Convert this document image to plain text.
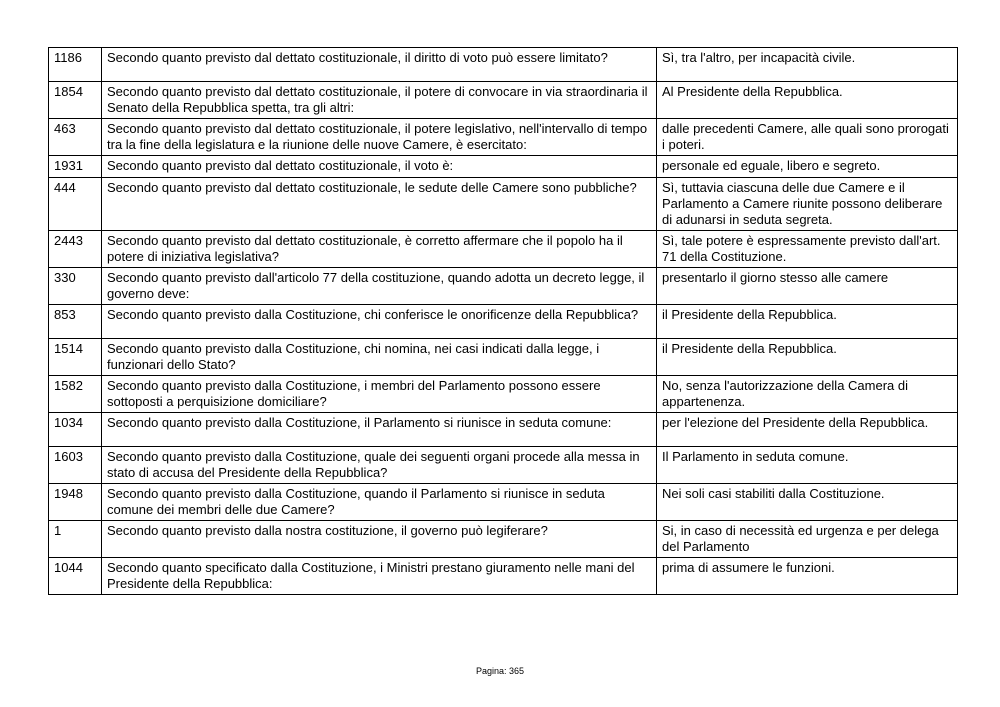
1186	Secondo quanto previsto dal dettato costituzionale, il diritto di voto può essere limitato?	Sì, tra l'altro, per incapacità civile.
1854	Secondo quanto previsto dal dettato costituzionale, il potere di convocare in via straordinaria il Senato della Repubblica spetta, tra gli altri:	Al Presidente della Repubblica.
463	Secondo quanto previsto dal dettato costituzionale, il potere legislativo, nell'intervallo di tempo tra la fine della legislatura e la riunione delle nuove Camere, è esercitato:	dalle precedenti Camere, alle quali sono prorogati i poteri.
1931	Secondo quanto previsto dal dettato costituzionale, il voto è:	personale ed eguale, libero e segreto.
444	Secondo quanto previsto dal dettato costituzionale, le sedute delle Camere sono pubbliche?	Sì, tuttavia ciascuna delle due Camere e il Parlamento a Camere riunite possono deliberare di adunarsi in seduta segreta.
2443	Secondo quanto previsto dal dettato costituzionale, è corretto affermare che il popolo ha il potere di iniziativa legislativa?	Sì, tale potere è espressamente previsto dall'art. 71 della Costituzione.
330	Secondo quanto previsto dall'articolo 77 della costituzione, quando adotta un decreto legge, il governo deve:	presentarlo il giorno stesso alle camere
853	Secondo quanto previsto dalla Costituzione, chi conferisce le onorificenze della Repubblica?	il Presidente della Repubblica.
1514	Secondo quanto previsto dalla Costituzione, chi nomina, nei casi indicati dalla legge, i funzionari dello Stato?	il Presidente della Repubblica.
1582	Secondo quanto previsto dalla Costituzione, i membri del Parlamento possono essere sottoposti a perquisizione domiciliare?	No, senza l'autorizzazione della Camera di appartenenza.
1034	Secondo quanto previsto dalla Costituzione, il Parlamento si riunisce in seduta comune:	per l'elezione del Presidente della Repubblica.
1603	Secondo quanto previsto dalla Costituzione, quale dei seguenti organi procede alla messa in stato di accusa del Presidente della Repubblica?	Il Parlamento in seduta comune.
1948	Secondo quanto previsto dalla Costituzione, quando il Parlamento si riunisce in seduta comune dei membri delle due Camere?	Nei soli casi stabiliti dalla Costituzione.
1	Secondo quanto previsto dalla nostra costituzione, il governo può legiferare?	Si, in caso di necessità ed urgenza e per delega del Parlamento
1044	Secondo quanto specificato dalla Costituzione, i Ministri prestano giuramento nelle mani del Presidente della Repubblica:	prima di assumere le funzioni.
Pagina: 365
